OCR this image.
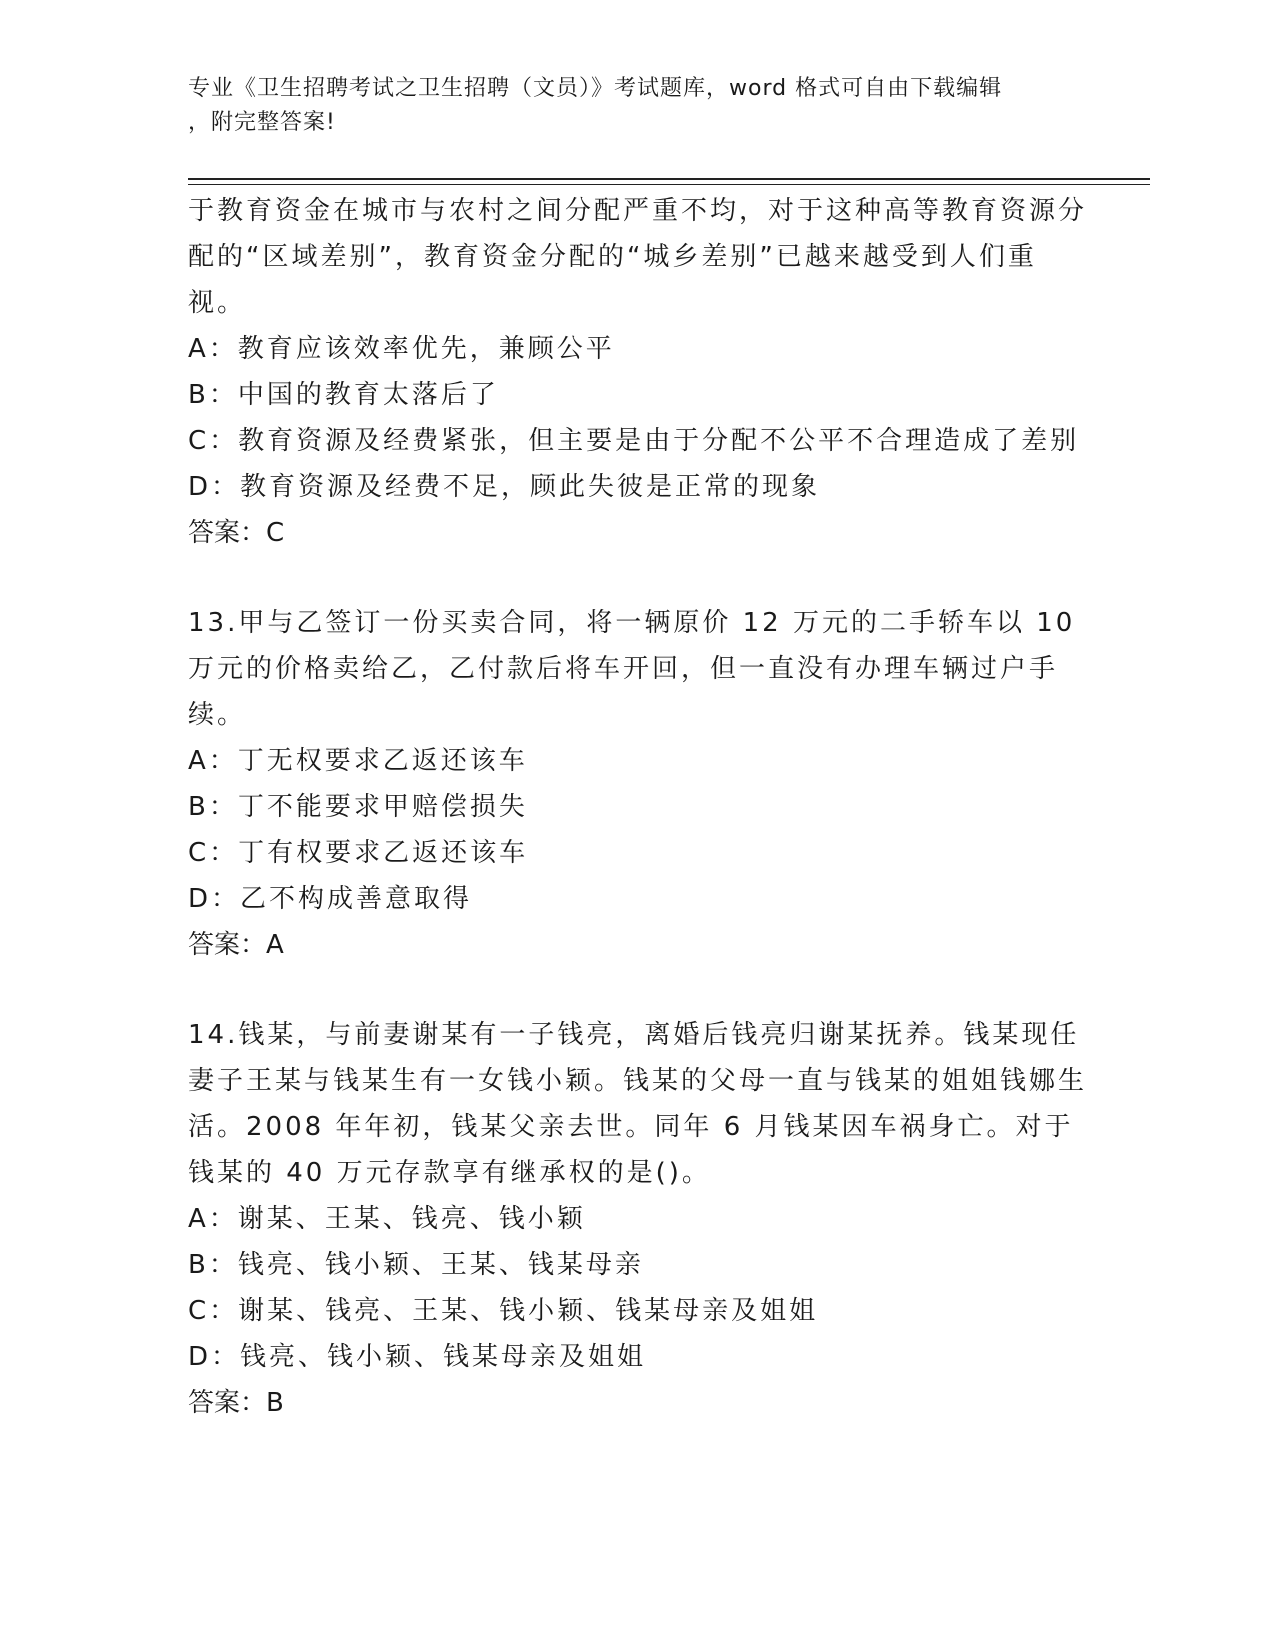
专业《卫生招聘考试之卫生招聘（文员）》考试题库，word 格式可自由下载编辑
，附完整答案!

于教育资金在城市与农村之间分配严重不均，对于这种高等教育资源分配的“区域差别”，教育资金分配的“城乡差别”已越来越受到人们重视。

A：教育应该效率优先，兼顾公平

B：中国的教育太落后了

C：教育资源及经费紧张，但主要是由于分配不公平不合理造成了差别

D：教育资源及经费不足，顾此失彼是正常的现象

答案：C

13.甲与乙签订一份买卖合同，将一辆原价 12 万元的二手轿车以 10 万元的价格卖给乙，乙付款后将车开回，但一直没有办理车辆过户手续。

A：丁无权要求乙返还该车

B：丁不能要求甲赔偿损失

C：丁有权要求乙返还该车

D：乙不构成善意取得

答案：A

14.钱某，与前妻谢某有一子钱亮，离婚后钱亮归谢某抚养。钱某现任妻子王某与钱某生有一女钱小颖。钱某的父母一直与钱某的姐姐钱娜生活。2008 年年初，钱某父亲去世。同年 6 月钱某因车祸身亡。对于钱某的 40 万元存款享有继承权的是()。

A：谢某、王某、钱亮、钱小颖

B：钱亮、钱小颖、王某、钱某母亲

C：谢某、钱亮、王某、钱小颖、钱某母亲及姐姐

D：钱亮、钱小颖、钱某母亲及姐姐

答案：B
